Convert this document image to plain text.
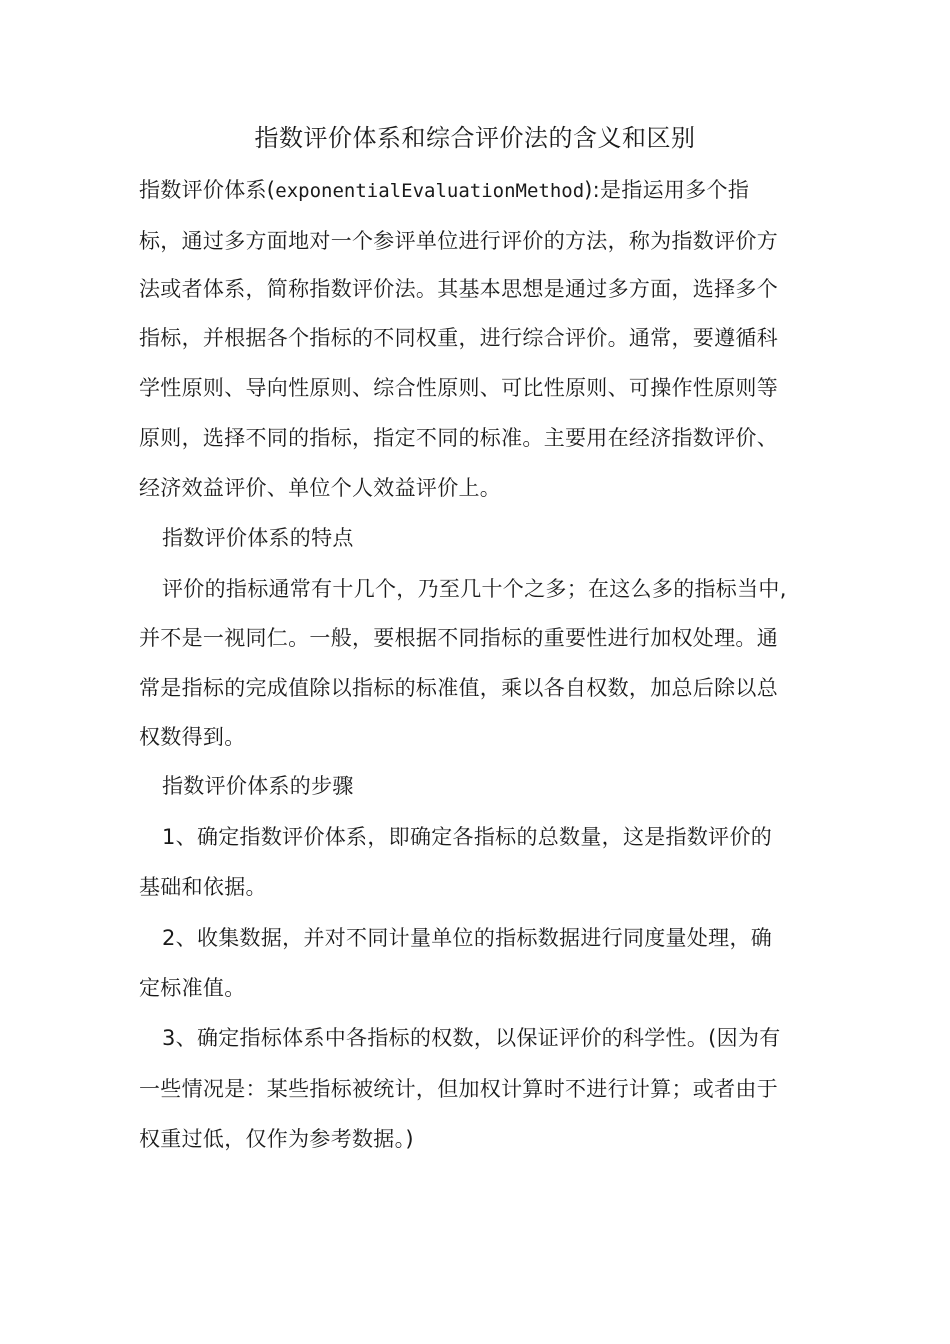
指数评价体系和综合评价法的含义和区别
指数评价体系(exponentialEvaluationMethod):是指运用多个指
标，通过多方面地对一个参评单位进行评价的方法，称为指数评价方
法或者体系，简称指数评价法。其基本思想是通过多方面，选择多个
指标，并根据各个指标的不同权重，进行综合评价。通常，要遵循科
学性原则、导向性原则、综合性原则、可比性原则、可操作性原则等
原则，选择不同的指标，指定不同的标准。主要用在经济指数评价、
经济效益评价、单位个人效益评价上。
指数评价体系的特点
评价的指标通常有十几个，乃至几十个之多；在这么多的指标当中,
并不是一视同仁。一般，要根据不同指标的重要性进行加权处理。通
常是指标的完成值除以指标的标准值，乘以各自权数，加总后除以总
权数得到。
指数评价体系的步骤
1、确定指数评价体系，即确定各指标的总数量，这是指数评价的
基础和依据。
2、收集数据，并对不同计量单位的指标数据进行同度量处理，确
定标准值。
3、确定指标体系中各指标的权数，以保证评价的科学性。(因为有
一些情况是：某些指标被统计，但加权计算时不进行计算；或者由于
权重过低，仅作为参考数据。)
